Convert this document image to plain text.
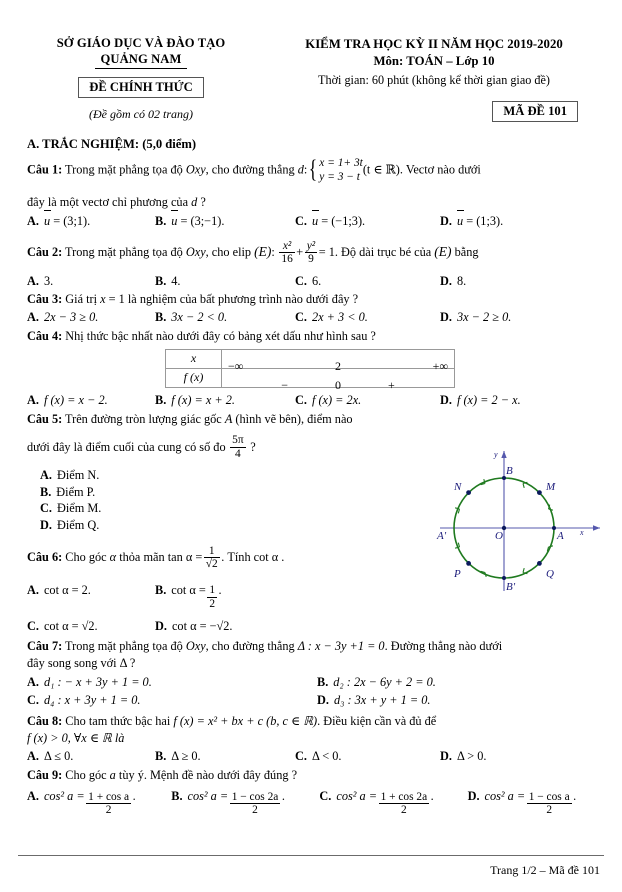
SỞ GIÁO DỤC VÀ ĐÀO TẠO
QUẢNG NAM
ĐỀ CHÍNH THỨC
(Đề gồm có 02 trang)
KIỂM TRA HỌC KỲ II NĂM HỌC 2019-2020
Môn: TOÁN – Lớp 10
Thời gian: 60 phút (không kể thời gian giao đề)
MÃ ĐỀ 101
A. TRẮC NGHIỆM: (5,0 điểm)
Câu 1: Trong mặt phẳng tọa độ Oxy, cho đường thẳng d: { x = 1+ 3t
y = 3 − t (t ∈ ℝ). Vectơ nào dưới
đây là một vectơ chỉ phương của d ?
A. u
= (3;1).	B. u
= (3;−1).	C. u
= (−1;3).	D. u
= (1;3).
Câu 2: Trong mặt phẳng tọa độ Oxy, cho elip (E): $\frac{\text{x²}}{16} + \frac{\text{y²}}{9} = 1$. Độ dài trục bé của (E) bằng
A. 3.	B. 4.	C. 6.	D. 8.
Câu 3: Giá trị x = 1 là nghiệm của bất phương trình nào dưới đây ?
A. 2x − 3 ≥ 0.	B. 3x − 2 < 0.	C. 2x + 3 < 0.	D. 3x − 2 ≥ 0.
Câu 4: Nhị thức bậc nhất nào dưới đây có bảng xét dấu như hình sau ?
x	−∞ 2 +∞

f (x)	− 0 +
A. f (x) = x − 2.	B. f (x) = x + 2.	C. f (x) = 2x.	D. f (x) = 2 − x.
Câu 5: Trên đường tròn lượng giác gốc A (hình vẽ bên), điểm nào
dưới đây là điểm cuối của cung có số đo $\frac{5\pi}{4}$ ?
A. Điểm N.
B. Điểm P.
C. Điểm M.
D. Điểm Q.
x
y
O	A
A'
B
B'
M
N
P	Q
Câu 6: Cho góc α thỏa mãn $\tan \alpha = \frac{1}{√2}$ . Tính cot α .
A. cot α = 2.	B. $\cot \alpha = \frac{1}{2}$ .
C. cot α = √2.	D. cot α = −√2.
Câu 7: Trong mặt phẳng tọa độ Oxy, cho đường thẳng Δ : x − 3y +1 = 0. Đường thẳng nào dưới
đây song song với Δ ?
A. d₁ : − x + 3y + 1 = 0.	B. d₂ : 2x − 6y + 2 = 0.
C. d₄ : x + 3y + 1 = 0.	D. d₃ : 3x + y + 1 = 0.
Câu 8: Cho tam thức bậc hai f (x) = x² + bx + c (b, c ∈ ℝ). Điều kiện cần và đủ để
f (x) > 0, ∀x ∈ ℝ là
A. Δ ≤ 0.	B. Δ ≥ 0.	C. Δ < 0.	D. Δ > 0.
Câu 9: Cho góc a tùy ý. Mệnh đề nào dưới đây đúng ?
A. cos² $a = \frac{\text{1 + cos a}}{2}$ .	B. cos² $a = \frac{1 - \cos 2a}{2}$ .	C. cos² $a = \frac{1 + \cos 2a}{2}$ .	D. cos² $a = \frac{\text{1 − cos a}}{2}$ .
Trang 1/2 – Mã đề 101
